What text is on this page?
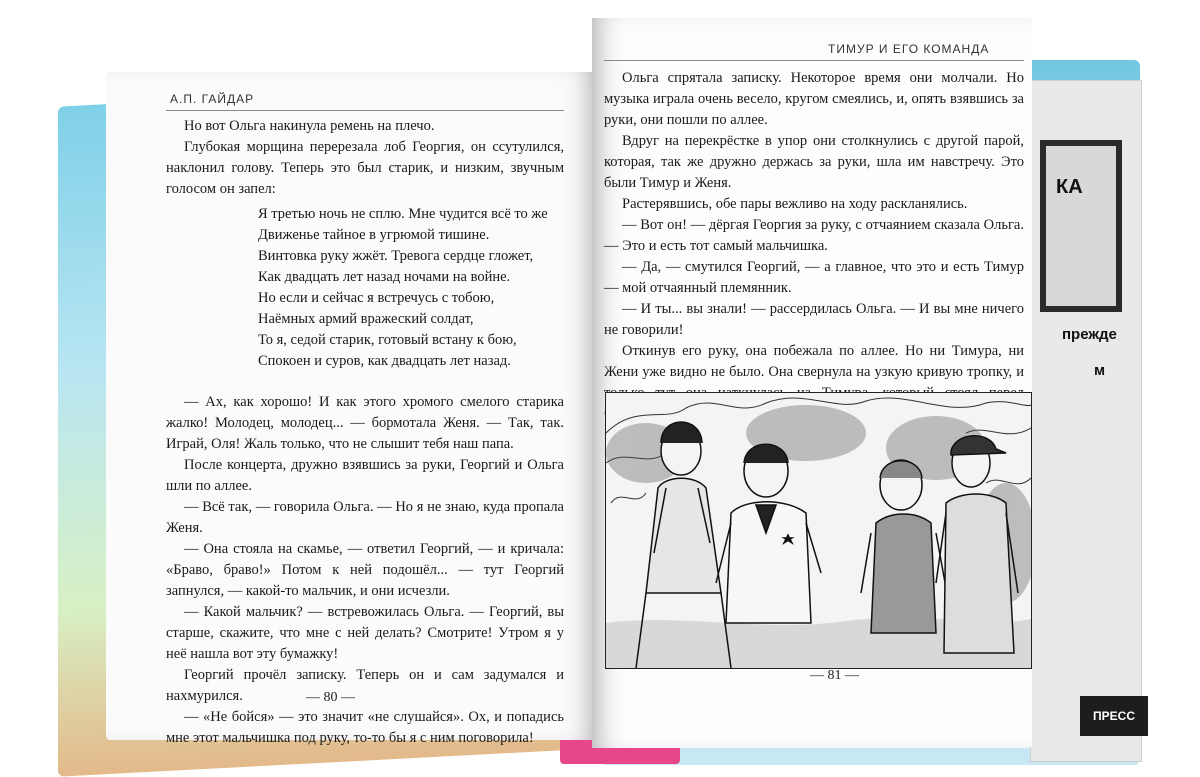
КА
прежде
м
ПРЕСС
А.П. ГАЙДАР

Но вот Ольга накинула ремень на плечо.

Глубокая морщина перерезала лоб Георгия, он ссутулился, наклонил голову. Теперь это был старик, и низким, звучным голосом он запел:

Я третью ночь не сплю. Мне чудится всё то же
Движенье тайное в угрюмой тишине.
Винтовка руку жжёт. Тревога сердце гложет,
Как двадцать лет назад ночами на войне.
Но если и сейчас я встречусь с тобою,
Наёмных армий вражеский солдат,
То я, седой старик, готовый встану к бою,
Спокоен и суров, как двадцать лет назад.

— Ах, как хорошо! И как этого хромого смелого старика жалко! Молодец, молодец... — бормотала Женя. — Так, так. Играй, Оля! Жаль только, что не слышит тебя наш папа.

После концерта, дружно взявшись за руки, Георгий и Ольга шли по аллее.

— Всё так, — говорила Ольга. — Но я не знаю, куда пропала Женя.

— Она стояла на скамье, — ответил Георгий, — и кричала: «Браво, браво!» Потом к ней подошёл... — тут Георгий запнулся, — какой-то мальчик, и они исчезли.

— Какой мальчик? — встревожилась Ольга. — Георгий, вы старше, скажите, что мне с ней делать? Смотрите! Утром я у неё нашла вот эту бумажку!

Георгий прочёл записку. Теперь он и сам задумался и нахмурился.

— «Не бойся» — это значит «не слушайся». Ох, и попадись мне этот мальчишка под руку, то-то бы я с ним поговорила!

— 80 —
ТИМУР И ЕГО КОМАНДА

Ольга спрятала записку. Некоторое время они молчали. Но музыка играла очень весело, кругом смеялись, и, опять взявшись за руки, они пошли по аллее.

Вдруг на перекрёстке в упор они столкнулись с другой парой, которая, так же дружно держась за руки, шла им навстречу. Это были Тимур и Женя.

Растерявшись, обе пары вежливо на ходу раскланялись.

— Вот он! — дёргая Георгия за руку, с отчаянием сказала Ольга. — Это и есть тот самый мальчишка.

— Да, — смутился Георгий, — а главное, что это и есть Тимур — мой отчаянный племянник.

— И ты... вы знали! — рассердилась Ольга. — И вы мне ничего не говорили!

Откинув его руку, она побежала по аллее. Но ни Тимура, ни Жени уже видно не было. Она свернула на узкую кривую тропку, и

— 81 —
